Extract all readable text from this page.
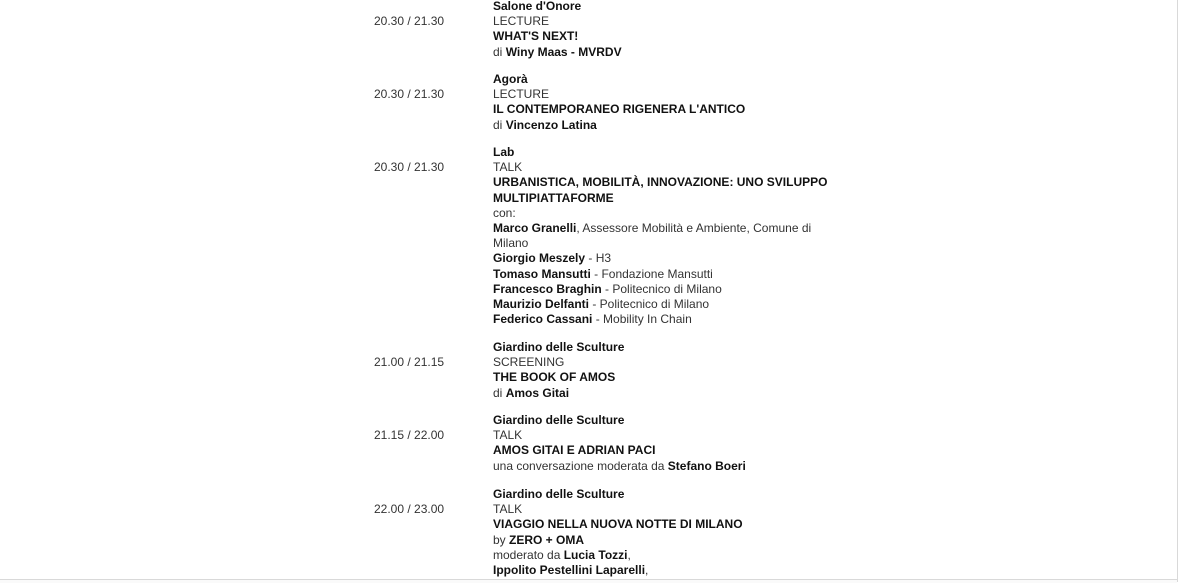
20.30 / 21.30
Salone d'Onore
LECTURE
WHAT'S NEXT!
di Winy Maas - MVRDV
20.30 / 21.30
Agorà
LECTURE
IL CONTEMPORANEO RIGENERA L'ANTICO
di Vincenzo Latina
20.30 / 21.30
Lab
TALK
URBANISTICA, MOBILITÀ, INNOVAZIONE: UNO SVILUPPO MULTIPIATTAFORME
con:
Marco Granelli, Assessore Mobilità e Ambiente, Comune di Milano
Giorgio Meszely - H3
Tomaso Mansutti - Fondazione Mansutti
Francesco Braghin - Politecnico di Milano
Maurizio Delfanti - Politecnico di Milano
Federico Cassani - Mobility In Chain
21.00 / 21.15
Giardino delle Sculture
SCREENING
THE BOOK OF AMOS
di Amos Gitai
21.15 / 22.00
Giardino delle Sculture
TALK
AMOS GITAI E ADRIAN PACI
una conversazione moderata da Stefano Boeri
22.00 / 23.00
Giardino delle Sculture
TALK
VIAGGIO NELLA NUOVA NOTTE DI MILANO
by ZERO + OMA
moderato da Lucia Tozzi,
Ippolito Pestellini Laparelli,
